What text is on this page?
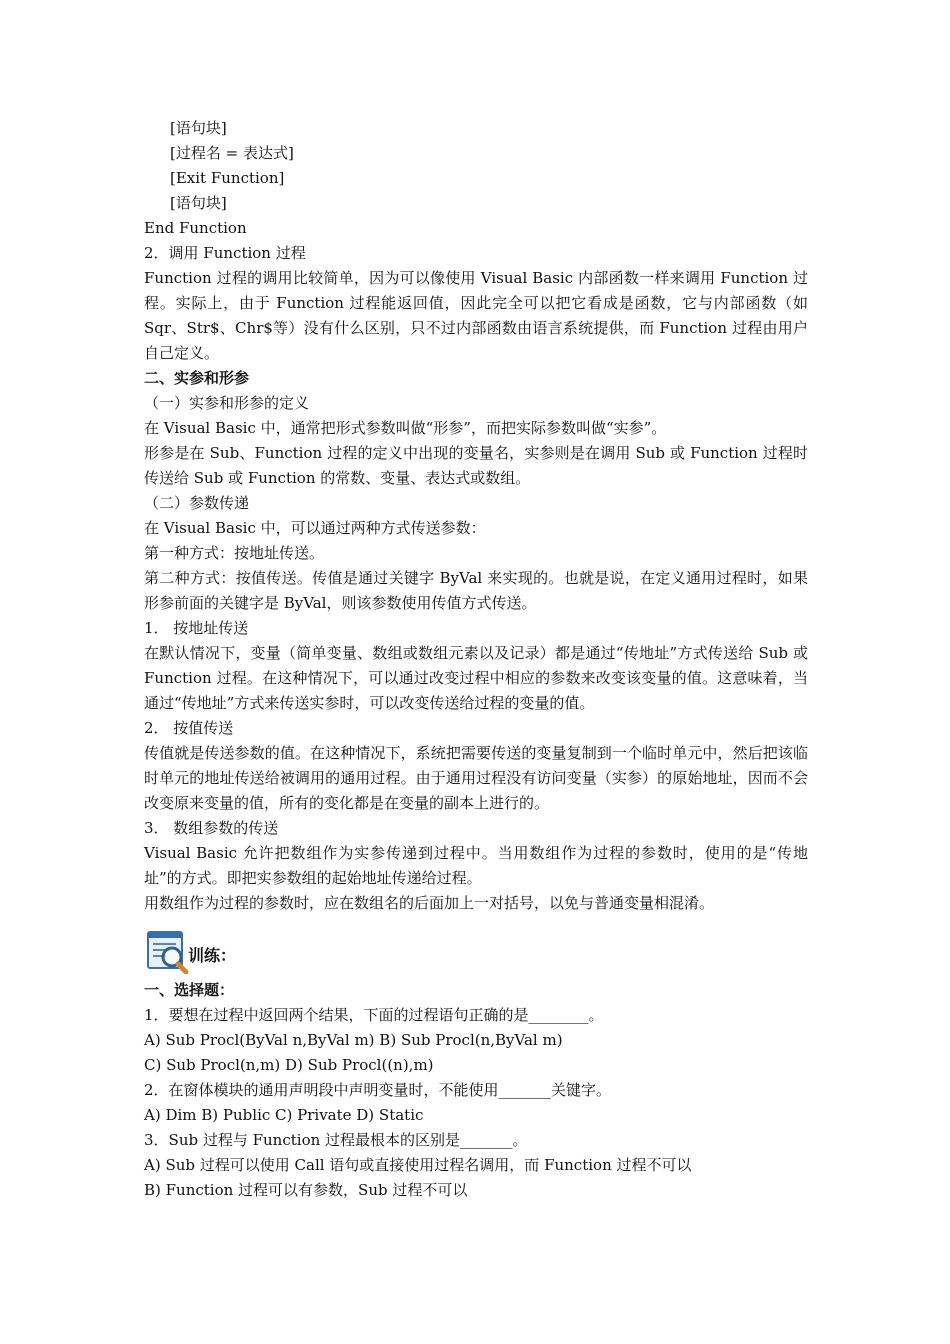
[语句块]
[过程名 = 表达式]
[Exit Function]
[语句块]
End Function
2．调用 Function 过程
Function 过程的调用比较简单，因为可以像使用 Visual Basic 内部函数一样来调用 Function 过程。实际上，由于 Function 过程能返回值，因此完全可以把它看成是函数，它与内部函数（如 Sqr、Str$、Chr$等）没有什么区别，只不过内部函数由语言系统提供，而 Function 过程由用户自己定义。
二、实参和形参
（一）实参和形参的定义
在 Visual Basic 中，通常把形式参数叫做“形参”，而把实际参数叫做“实参”。
形参是在 Sub、Function 过程的定义中出现的变量名，实参则是在调用 Sub 或 Function 过程时传送给 Sub 或 Function 的常数、变量、表达式或数组。
（二）参数传递
在 Visual Basic 中，可以通过两种方式传送参数：
第一种方式：按地址传送。
第二种方式：按值传送。传值是通过关键字 ByVal 来实现的。也就是说，在定义通用过程时，如果形参前面的关键字是 ByVal，则该参数使用传值方式传送。
1． 按地址传送
在默认情况下，变量（简单变量、数组或数组元素以及记录）都是通过“传地址”方式传送给 Sub 或 Function 过程。在这种情况下，可以通过改变过程中相应的参数来改变该变量的值。这意味着，当通过“传地址”方式来传送实参时，可以改变传送给过程的变量的值。
2． 按值传送
传值就是传送参数的值。在这种情况下，系统把需要传送的变量复制到一个临时单元中，然后把该临时单元的地址传送给被调用的通用过程。由于通用过程没有访问变量（实参）的原始地址，因而不会改变原来变量的值，所有的变化都是在变量的副本上进行的。
3． 数组参数的传送
Visual Basic 允许把数组作为实参传递到过程中。当用数组作为过程的参数时，使用的是“传地址”的方式。即把实参数组的起始地址传递给过程。
用数组作为过程的参数时，应在数组名的后面加上一对括号，以免与普通变量相混淆。
训练：
一、选择题：
1．要想在过程中返回两个结果，下面的过程语句正确的是________。
A) Sub Procl(ByVal n,ByVal m) B) Sub Procl(n,ByVal m)
C) Sub Procl(n,m) D) Sub Procl((n),m)
2．在窗体模块的通用声明段中声明变量时，不能使用_______关键字。
A) Dim B) Public C) Private D) Static
3．Sub 过程与 Function 过程最根本的区别是_______。
A) Sub 过程可以使用 Call 语句或直接使用过程名调用，而 Function 过程不可以
B) Function 过程可以有参数，Sub 过程不可以
